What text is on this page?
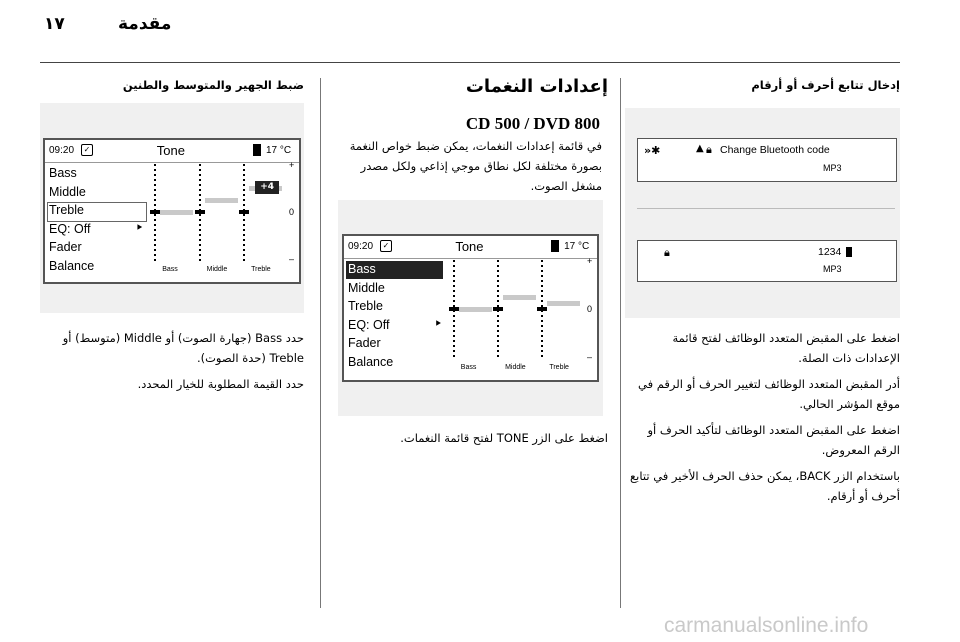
مقدمة
١٧
إدخال تتابع أحرف أو أرقام
»✱	▲ 🔒︎ Change Bluetooth code
MP3
🔒︎	1234
MP3
اضغط على المقبض المتعدد الوظائف لفتح قائمة الإعدادات ذات الصلة.
أدر المقبض المتعدد الوظائف لتغيير الحرف أو الرقم في موقع المؤشر الحالي.
اضغط على المقبض المتعدد الوظائف لتأكيد الحرف أو الرقم المعروض.
باستخدام الزر BACK، يمكن حذف الحرف الأخير في تتابع أحرف أو أرقام.
إعدادات النغمات
CD 500 / DVD 800
في قائمة إعدادات النغمات، يمكن ضبط خواص النغمة بصورة مختلفة لكل نطاق موجي إذاعي ولكل مصدر مشغل الصوت.
09:20	✓	Tone	17 °C
Bass
Middle
Treble
EQ: Off	⯈
Fader
Balance	Bass	Middle	Treble
+
0
–
اضغط على الزر TONE لفتح قائمة النغمات.
ضبط الجهير والمتوسط والطنين
09:20	✓	Tone	17 °C
Bass
Middle
Treble
EQ: Off	⯈
Fader
Balance	Bass	Middle	Treble
+4
+
0
–
حدد Bass (جهارة الصوت) أو Middle (متوسط) أو Treble (حدة الصوت).
حدد القيمة المطلوبة للخيار المحدد.
carmanualsonline.info
